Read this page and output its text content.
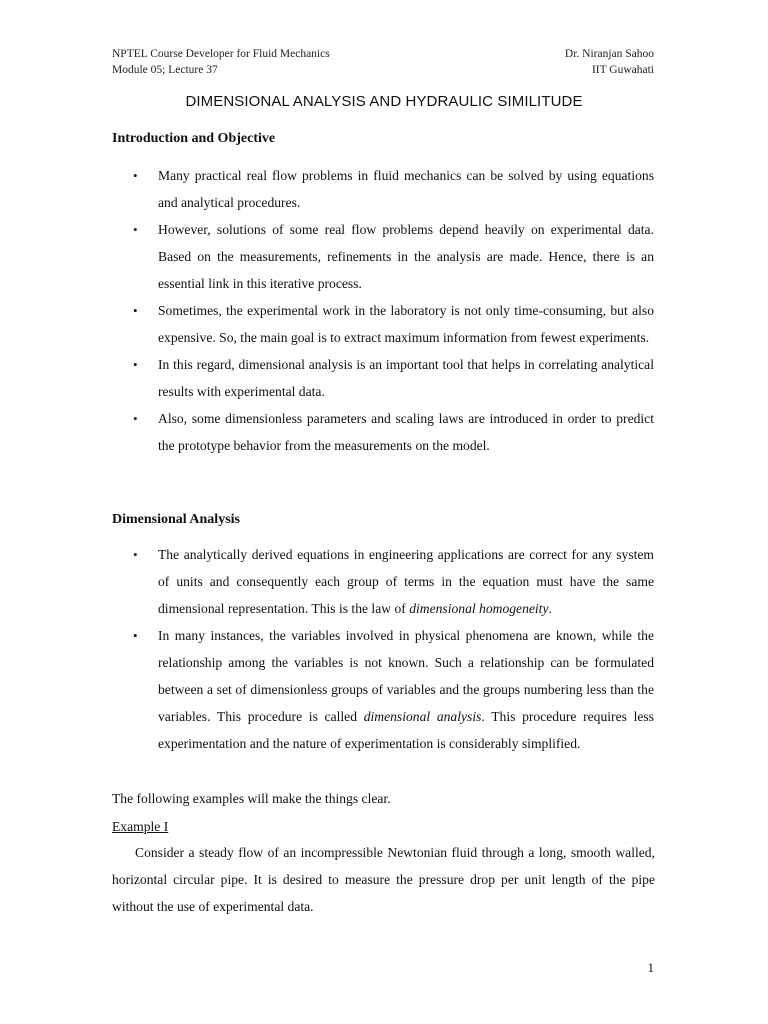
NPTEL Course Developer for Fluid Mechanics
Module 05; Lecture 37
Dr. Niranjan Sahoo
IIT Guwahati
DIMENSIONAL ANALYSIS AND HYDRAULIC SIMILITUDE
Introduction and Objective
• Many practical real flow problems in fluid mechanics can be solved by using equations and analytical procedures.
• However, solutions of some real flow problems depend heavily on experimental data. Based on the measurements, refinements in the analysis are made. Hence, there is an essential link in this iterative process.
• Sometimes, the experimental work in the laboratory is not only time-consuming, but also expensive. So, the main goal is to extract maximum information from fewest experiments.
• In this regard, dimensional analysis is an important tool that helps in correlating analytical results with experimental data.
• Also, some dimensionless parameters and scaling laws are introduced in order to predict the prototype behavior from the measurements on the model.
Dimensional Analysis
• The analytically derived equations in engineering applications are correct for any system of units and consequently each group of terms in the equation must have the same dimensional representation. This is the law of dimensional homogeneity.
• In many instances, the variables involved in physical phenomena are known, while the relationship among the variables is not known. Such a relationship can be formulated between a set of dimensionless groups of variables and the groups numbering less than the variables. This procedure is called dimensional analysis. This procedure requires less experimentation and the nature of experimentation is considerably simplified.
The following examples will make the things clear.
Example I
Consider a steady flow of an incompressible Newtonian fluid through a long, smooth walled, horizontal circular pipe. It is desired to measure the pressure drop per unit length of the pipe without the use of experimental data.
1
